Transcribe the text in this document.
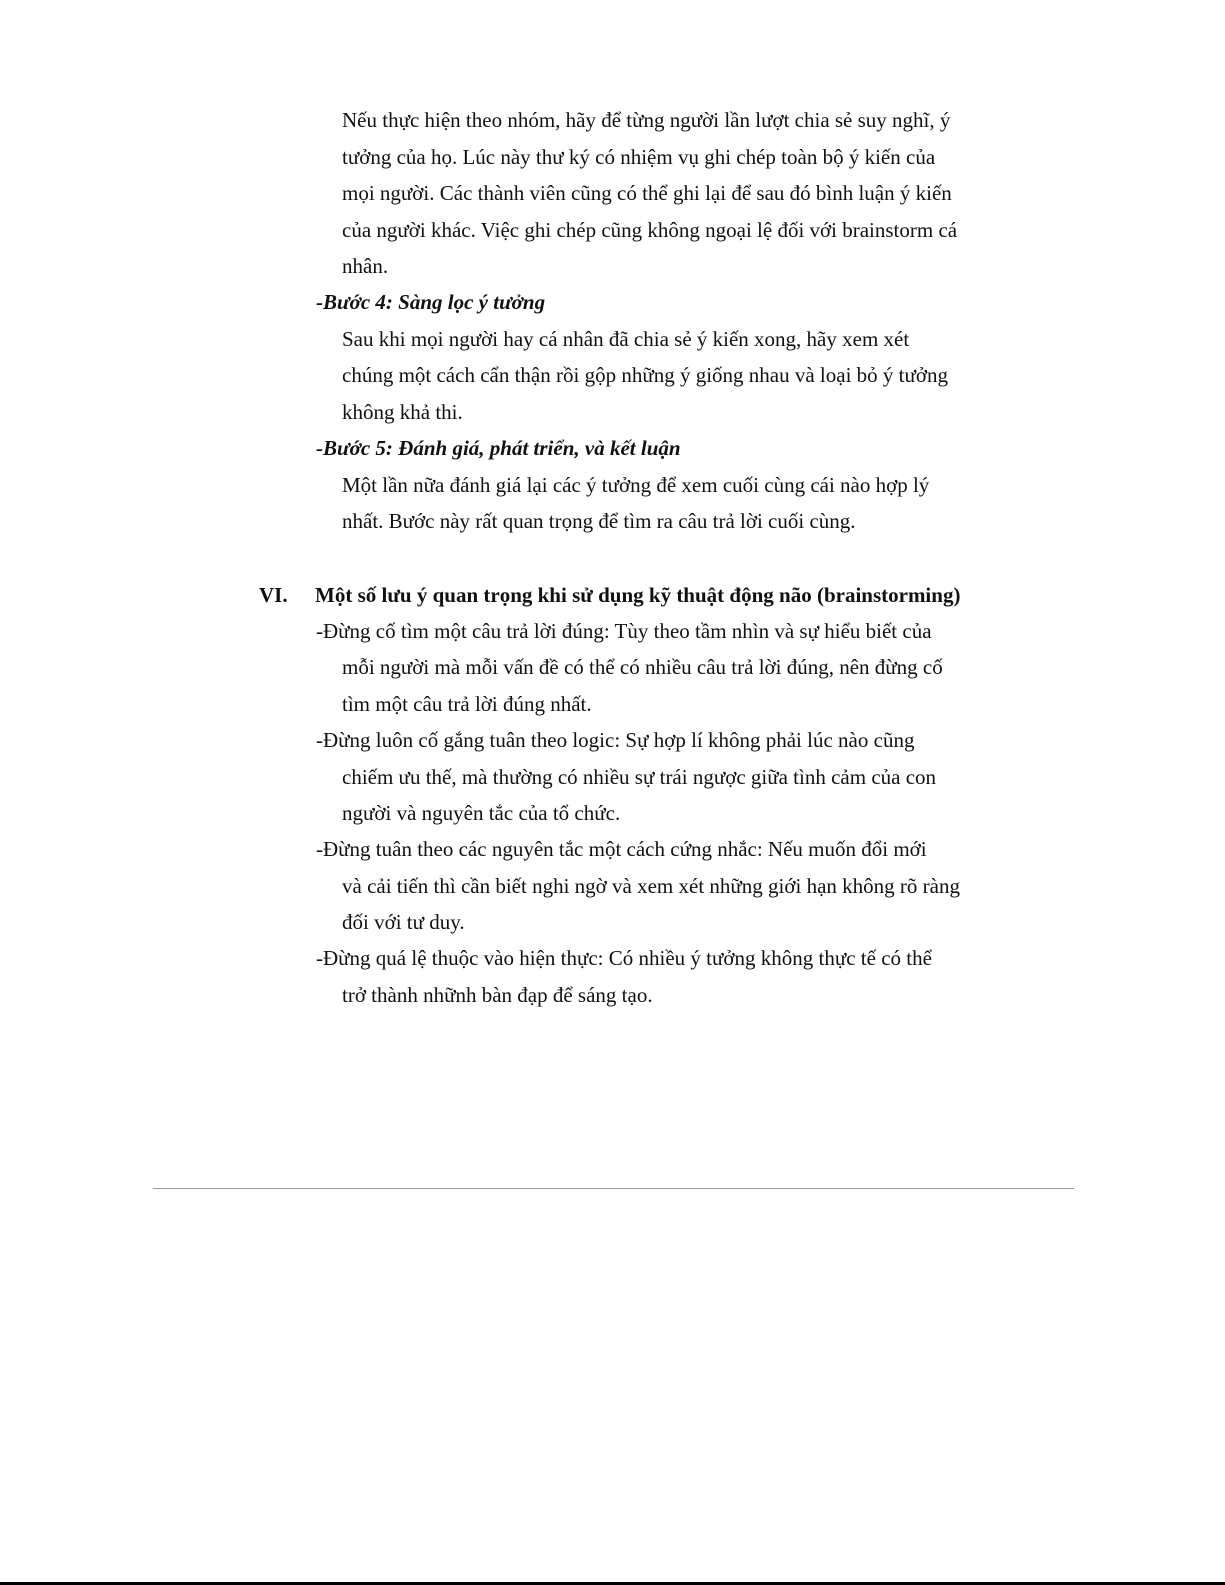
Nếu thực hiện theo nhóm, hãy để từng người lần lượt chia sẻ suy nghĩ, ý
tưởng của họ. Lúc này thư ký có nhiệm vụ ghi chép toàn bộ ý kiến của
mọi người. Các thành viên cũng có thể ghi lại để sau đó bình luận ý kiến
của người khác. Việc ghi chép cũng không ngoại lệ đối với brainstorm cá
nhân.
-Bước 4: Sàng lọc ý tưởng
Sau khi mọi người hay cá nhân đã chia sẻ ý kiến xong, hãy xem xét
chúng một cách cẩn thận rồi gộp những ý giống nhau và loại bỏ ý tưởng
không khả thi.
-Bước 5: Đánh giá, phát triển, và kết luận
Một lần nữa đánh giá lại các ý tưởng để xem cuối cùng cái nào hợp lý
nhất. Bước này rất quan trọng để tìm ra câu trả lời cuối cùng.
VI. Một số lưu ý quan trọng khi sử dụng kỹ thuật động não (brainstorming)
-Đừng cố tìm một câu trả lời đúng: Tùy theo tầm nhìn và sự hiểu biết của
mỗi người mà mỗi vấn đề có thể có nhiều câu trả lời đúng, nên đừng cố
tìm một câu trả lời đúng nhất.
-Đừng luôn cố gắng tuân theo logic: Sự hợp lí không phải lúc nào cũng
chiếm ưu thế, mà thường có nhiều sự trái ngược giữa tình cảm của con
người và nguyên tắc của tổ chức.
-Đừng tuân theo các nguyên tắc một cách cứng nhắc: Nếu muốn đổi mới
và cải tiến thì cần biết nghi ngờ và xem xét những giới hạn không rõ ràng
đối với tư duy.
-Đừng quá lệ thuộc vào hiện thực: Có nhiều ý tưởng không thực tế có thể
trở thành nhữnh bàn đạp để sáng tạo.
